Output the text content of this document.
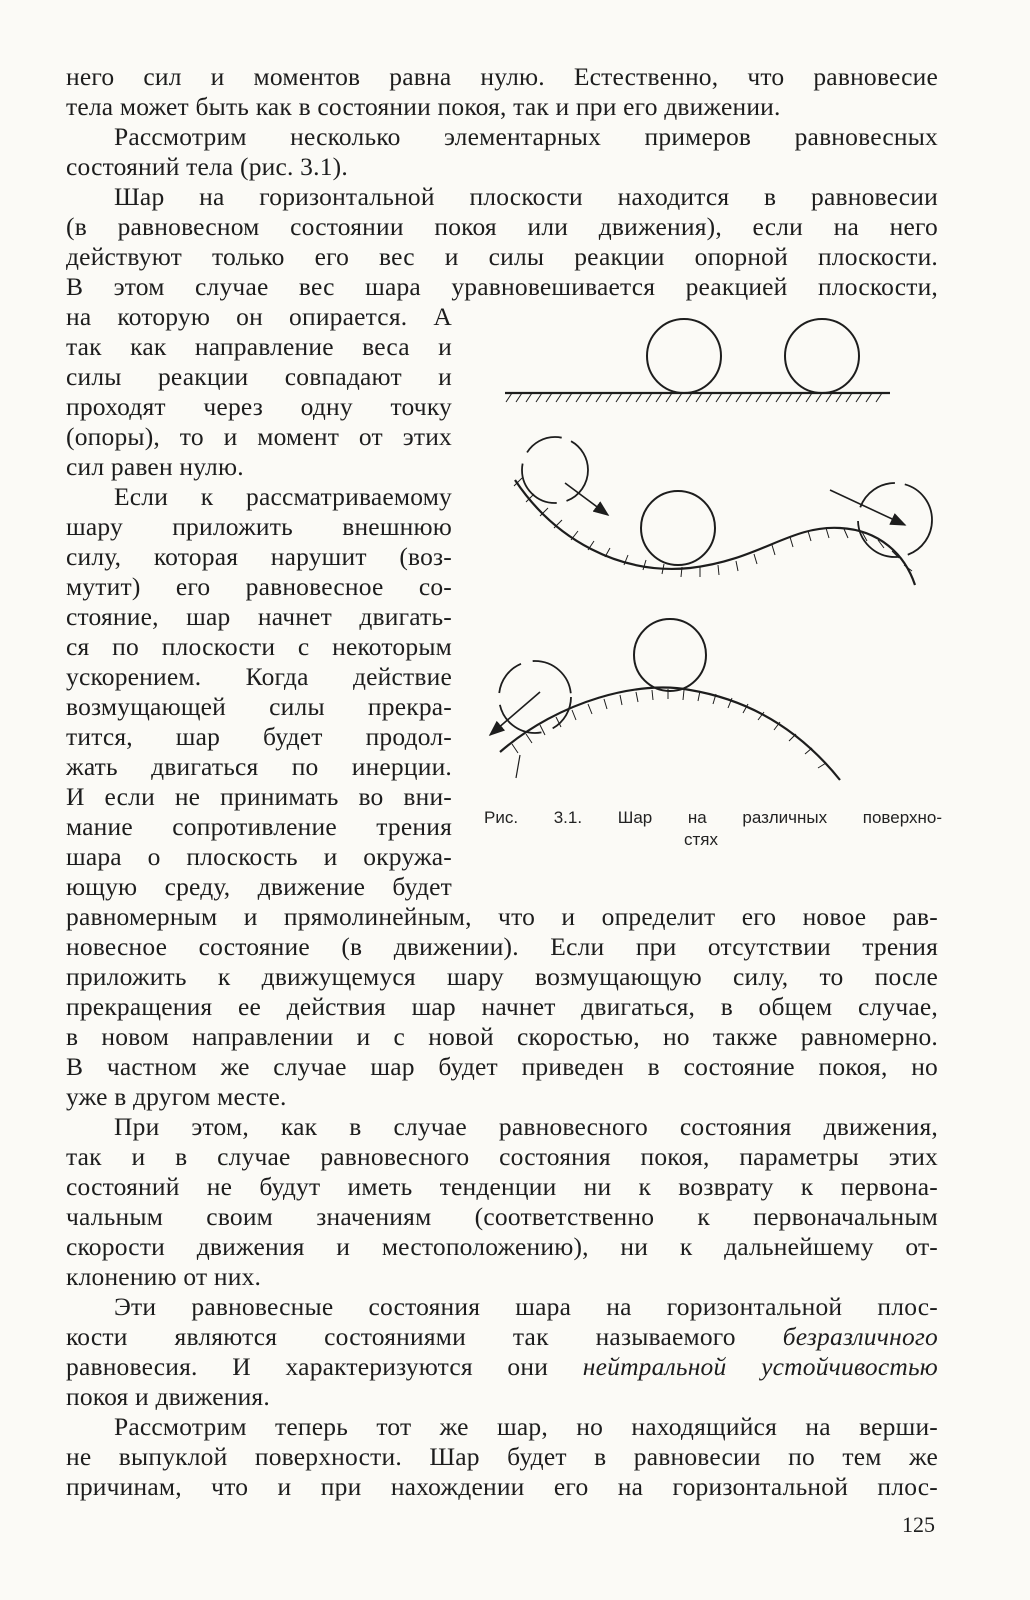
него сил и моментов равна нулю. Естественно, что равновесие
тела может быть как в состоянии покоя, так и при его движении.
Рассмотрим несколько элементарных примеров равновесных
состояний тела (рис. 3.1).
Шар на горизонтальной плоскости находится в равновесии
(в равновесном состоянии покоя или движения), если на него
действуют только его вес и силы реакции опорной плоскости.
В этом случае вес шара уравновешивается реакцией плоскости,
на которую он опирается. А
так как направление веса и
силы реакции совпадают и
проходят через одну точку
(опоры), то и момент от этих
сил равен нулю.
Если к рассматриваемому
шару приложить внешнюю
силу, которая нарушит (воз-
мутит) его равновесное со-
стояние, шар начнет двигать-
ся по плоскости с некоторым
ускорением. Когда действие
возмущающей силы прекра-
тится, шар будет продол-
жать двигаться по инерции.
И если не принимать во вни-
мание сопротивление трения
шара о плоскость и окружа-
ющую среду, движение будет
равномерным и прямолинейным, что и определит его новое рав-
новесное состояние (в движении). Если при отсутствии трения
приложить к движущемуся шару возмущающую силу, то после
прекращения ее действия шар начнет двигаться, в общем случае,
в новом направлении и с новой скоростью, но также равномерно.
В частном же случае шар будет приведен в состояние покоя, но
уже в другом месте.
При этом, как в случае равновесного состояния движения,
так и в случае равновесного состояния покоя, параметры этих
состояний не будут иметь тенденции ни к возврату к первона-
чальным своим значениям (соответственно к первоначальным
скорости движения и местоположению), ни к дальнейшему от-
клонению от них.
Эти равновесные состояния шара на горизонтальной плос-
кости являются состояниями так называемого безразличного
равновесия. И характеризуются они нейтральной устойчивостью
покоя и движения.
Рассмотрим теперь тот же шар, но находящийся на верши-
не выпуклой поверхности. Шар будет в равновесии по тем же
причинам, что и при нахождении его на горизонтальной плос-
Рис. 3.1. Шар на различных поверхно-
стях
125
